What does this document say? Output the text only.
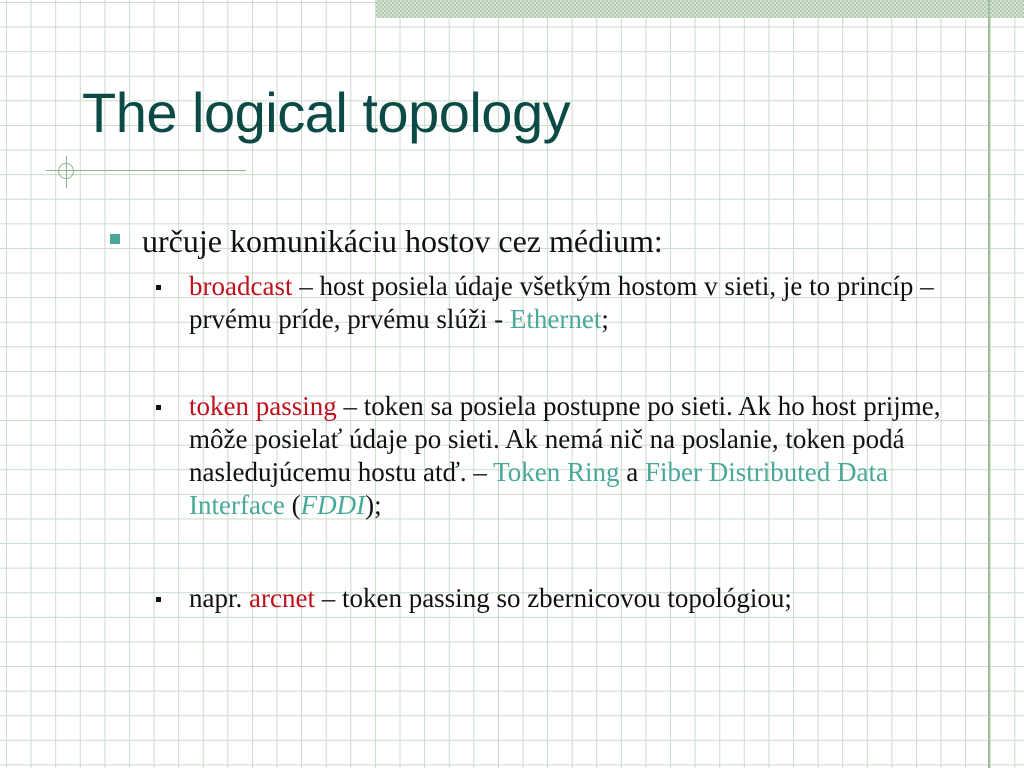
The logical topology
určuje komunikáciu hostov cez médium:
broadcast – host posiela údaje všetkým hostom v sieti, je to princíp – prvému príde, prvému slúži - Ethernet;
token passing – token sa posiela postupne po sieti. Ak ho host prijme, môže posielať údaje po sieti. Ak nemá nič na poslanie, token podá nasledujúcemu hostu atď. – Token Ring a Fiber Distributed Data Interface (FDDI);
napr. arcnet – token passing so zbernicovou topológiou;
